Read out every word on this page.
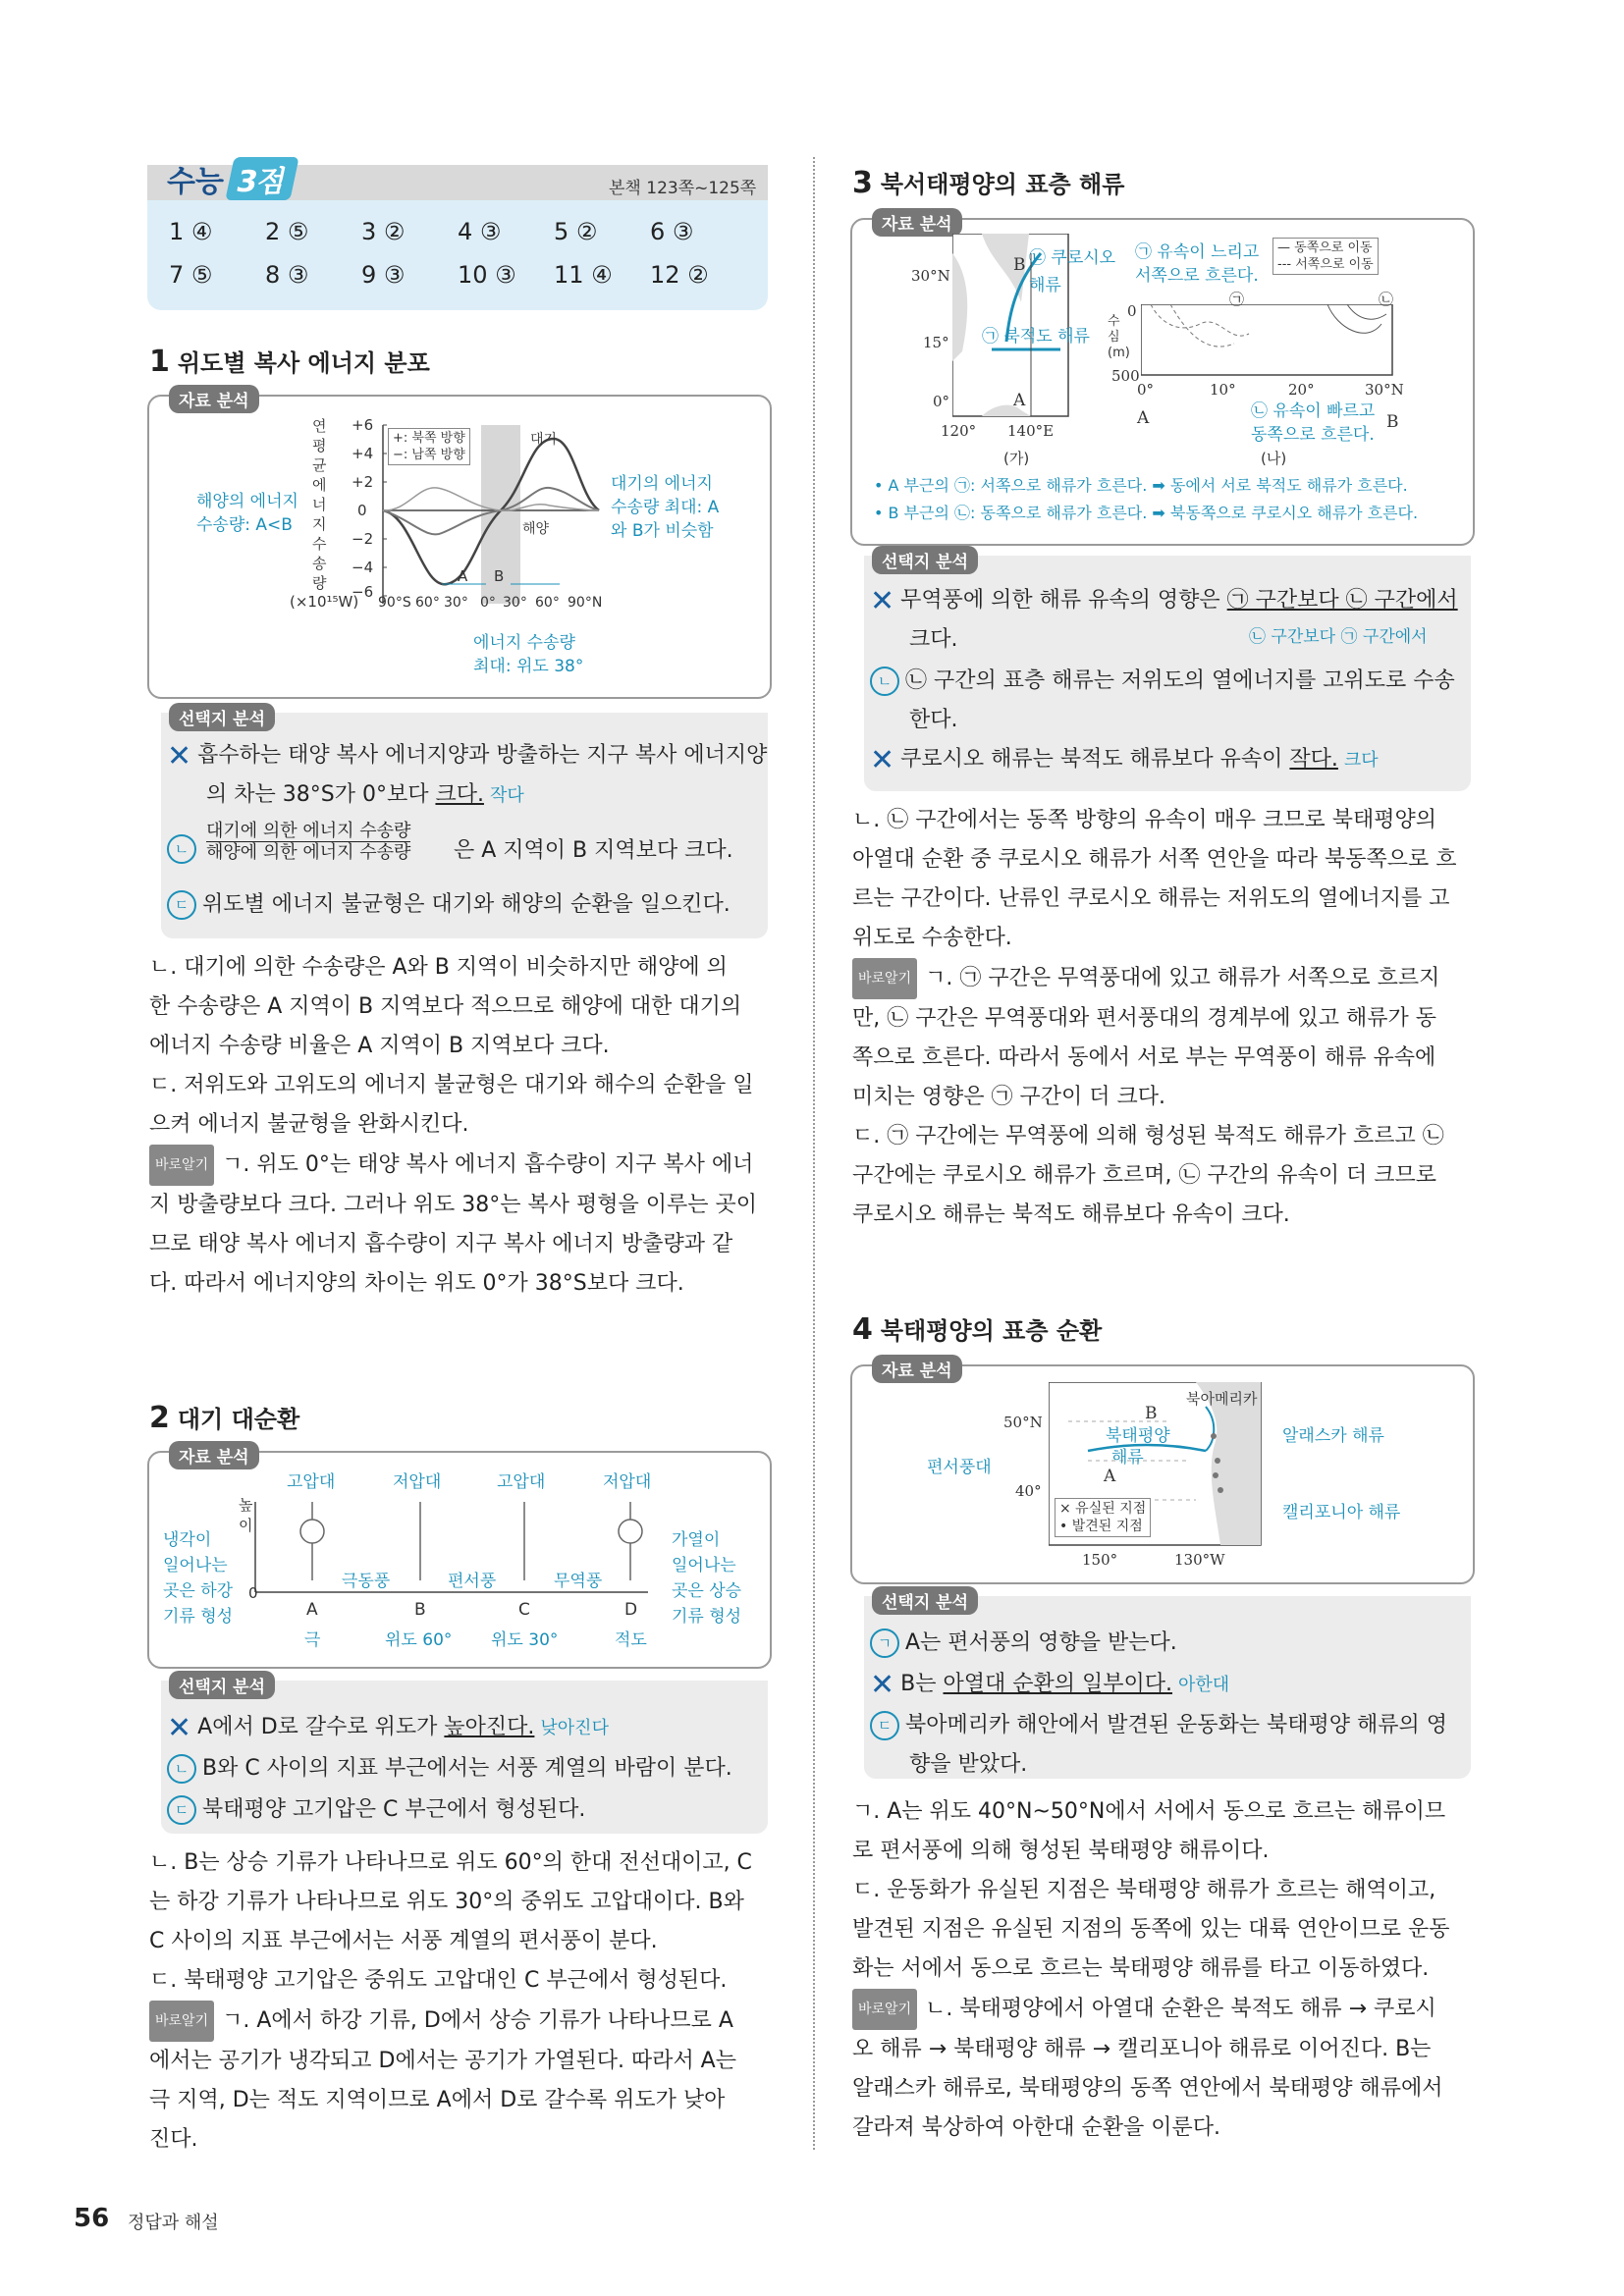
수능 3점	본책 123쪽~125쪽
1 ④ 2 ⑤ 3 ② 4 ③ 5 ② 6 ③
7 ⑤ 8 ③ 9 ③ 10 ③ 11 ④ 12 ②
1 위도별 복사 에너지 분포
자료 분석
연평균 에너지 수송량
(×10¹⁵W)
+6
+4
+2
0
−2
−4
−6
90°S 60° 30° 0° 30° 60° 90°N
+: 북쪽 방향
−: 남쪽 방향
대기
해양
A B
해양의 에너지
수송량: A<B
대기의 에너지
수송량 최대: A
와 B가 비슷함
에너지 수송량
최대: 위도 38°
선택지 분석
✕ 흡수하는 태양 복사 에너지양과 방출하는 지구 복사 에너지양
의 차는 38°S가 0°보다 크다. 작다
ㄴ
대기에 의한 에너지 수송량
해양에 의한 에너지 수송량 은 A 지역이 B 지역보다 크다.
ㄷ 위도별 에너지 불균형은 대기와 해양의 순환을 일으킨다.
ㄴ. 대기에 의한 수송량은 A와 B 지역이 비슷하지만 해양에 의
한 수송량은 A 지역이 B 지역보다 적으므로 해양에 대한 대기의
에너지 수송량 비율은 A 지역이 B 지역보다 크다.
ㄷ. 저위도와 고위도의 에너지 불균형은 대기와 해수의 순환을 일
으켜 에너지 불균형을 완화시킨다.
바로알기 ㄱ. 위도 0°는 태양 복사 에너지 흡수량이 지구 복사 에너
지 방출량보다 크다. 그러나 위도 38°는 복사 평형을 이루는 곳이
므로 태양 복사 에너지 흡수량이 지구 복사 에너지 방출량과 같
다. 따라서 에너지양의 차이는 위도 0°가 38°S보다 크다.
2 대기 대순환
자료 분석
고압대	저압대	고압대	저압대
높이
0
냉각이
일어나는
곳은 하강
기류 형성
가열이
일어나는
곳은 상승
기류 형성
극동풍	편서풍	무역풍
A	B	C	D
극	위도 60° 위도 30°	적도
선택지 분석
✕ A에서 D로 갈수로 위도가 높아진다. 낮아진다
ㄴ B와 C 사이의 지표 부근에서는 서풍 계열의 바람이 분다.
ㄷ 북태평양 고기압은 C 부근에서 형성된다.
ㄴ. B는 상승 기류가 나타나므로 위도 60°의 한대 전선대이고, C
는 하강 기류가 나타나므로 위도 30°의 중위도 고압대이다. B와
C 사이의 지표 부근에서는 서풍 계열의 편서풍이 분다.
ㄷ. 북태평양 고기압은 중위도 고압대인 C 부근에서 형성된다.
바로알기 ㄱ. A에서 하강 기류, D에서 상승 기류가 나타나므로 A
에서는 공기가 냉각되고 D에서는 공기가 가열된다. 따라서 A는
극 지역, D는 적도 지역이므로 A에서 D로 갈수록 위도가 낮아
진다.
3 북서태평양의 표층 해류
자료 분석
30°N
15°
0°
120° 140°E
B
A
㉡ 쿠로시오
해류
㉠ 북적도 해류
(가)
㉠ 유속이 느리고
서쪽으로 흐른다.
— 동쪽으로 이동
--- 서쪽으로 이동
0
500
수심(m)
0°	10°	20°	30°N
A	B
㉠	㉡
㉡ 유속이 빠르고
동쪽으로 흐른다.
(나)
• A 부근의 ㉠: 서쪽으로 해류가 흐른다. ➡ 동에서 서로 북적도 해류가 흐른다.
• B 부근의 ㉡: 동쪽으로 해류가 흐른다. ➡ 북동쪽으로 쿠로시오 해류가 흐른다.
선택지 분석
✕ 무역풍에 의한 해류 유속의 영향은 ㉠ 구간보다 ㉡ 구간에서
크다.	㉡ 구간보다 ㉠ 구간에서
ㄴ ㉡ 구간의 표층 해류는 저위도의 열에너지를 고위도로 수송
한다.
✕ 쿠로시오 해류는 북적도 해류보다 유속이 작다. 크다
ㄴ. ㉡ 구간에서는 동쪽 방향의 유속이 매우 크므로 북태평양의
아열대 순환 중 쿠로시오 해류가 서쪽 연안을 따라 북동쪽으로 흐
르는 구간이다. 난류인 쿠로시오 해류는 저위도의 열에너지를 고
위도로 수송한다.
바로알기 ㄱ. ㉠ 구간은 무역풍대에 있고 해류가 서쪽으로 흐르지
만, ㉡ 구간은 무역풍대와 편서풍대의 경계부에 있고 해류가 동
쪽으로 흐른다. 따라서 동에서 서로 부는 무역풍이 해류 유속에
미치는 영향은 ㉠ 구간이 더 크다.
ㄷ. ㉠ 구간에는 무역풍에 의해 형성된 북적도 해류가 흐르고 ㉡
구간에는 쿠로시오 해류가 흐르며, ㉡ 구간의 유속이 더 크므로
쿠로시오 해류는 북적도 해류보다 유속이 크다.
4 북태평양의 표층 순환
자료 분석
50°N
40°
150°	130°W
북아메리카
북태평양
해류
B
A
편서풍대
알래스카 해류
캘리포니아 해류
× 유실된 지점
• 발견된 지점
선택지 분석
ㄱ A는 편서풍의 영향을 받는다.
✕ B는 아열대 순환의 일부이다. 아한대
ㄷ 북아메리카 해안에서 발견된 운동화는 북태평양 해류의 영
향을 받았다.
ㄱ. A는 위도 40°N~50°N에서 서에서 동으로 흐르는 해류이므
로 편서풍에 의해 형성된 북태평양 해류이다.
ㄷ. 운동화가 유실된 지점은 북태평양 해류가 흐르는 해역이고,
발견된 지점은 유실된 지점의 동쪽에 있는 대륙 연안이므로 운동
화는 서에서 동으로 흐르는 북태평양 해류를 타고 이동하였다.
바로알기 ㄴ. 북태평양에서 아열대 순환은 북적도 해류 → 쿠로시
오 해류 → 북태평양 해류 → 캘리포니아 해류로 이어진다. B는
알래스카 해류로, 북태평양의 동쪽 연안에서 북태평양 해류에서
갈라져 북상하여 아한대 순환을 이룬다.
56 정답과 해설
